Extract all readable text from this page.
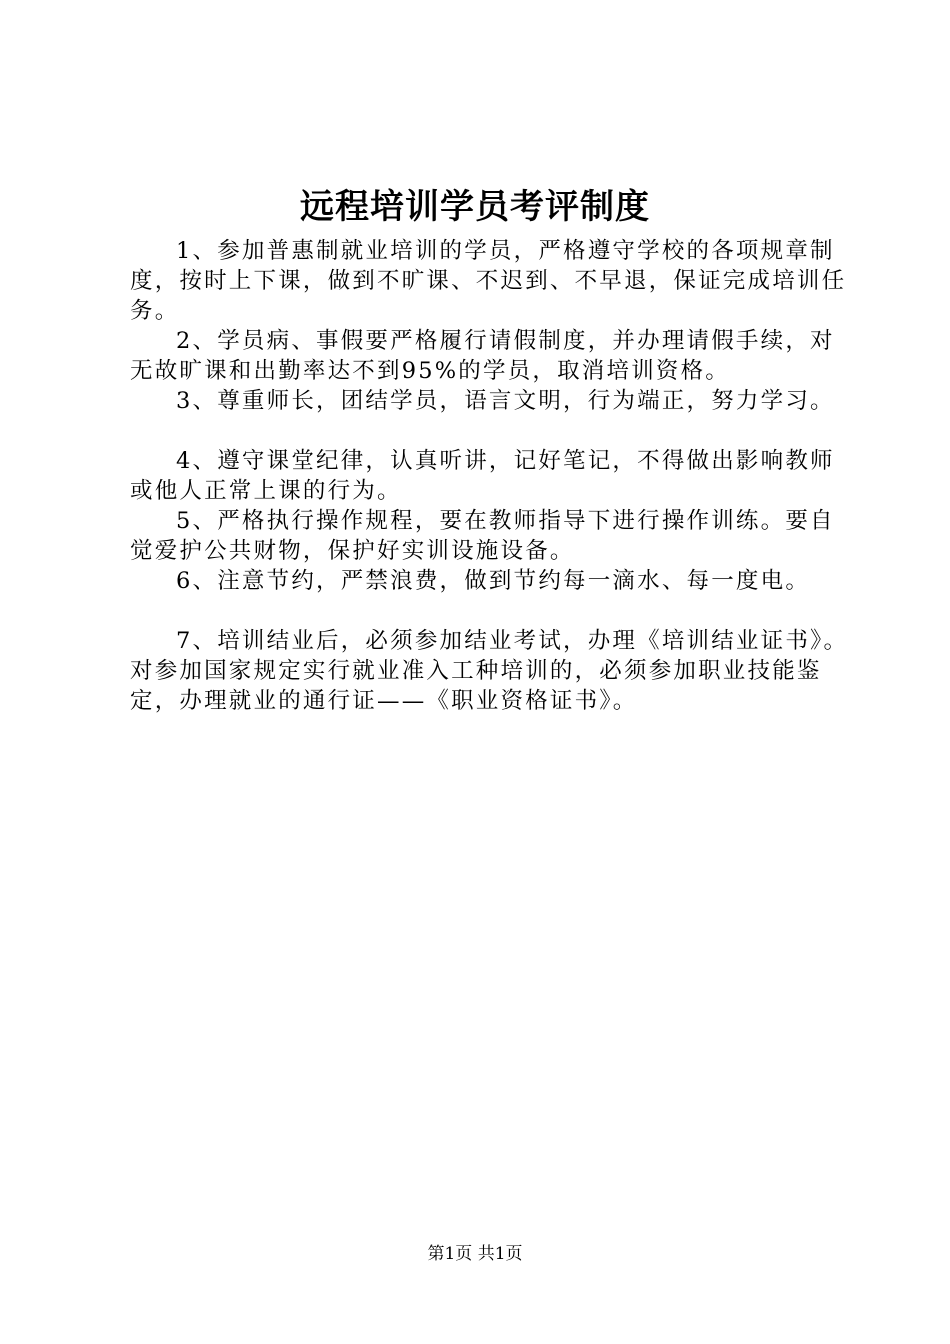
远程培训学员考评制度

1、参加普惠制就业培训的学员，严格遵守学校的各项规章制度，按时上下课，做到不旷课、不迟到、不早退，保证完成培训任务。

2、学员病、事假要严格履行请假制度，并办理请假手续，对无故旷课和出勤率达不到95%的学员，取消培训资格。

3、尊重师长，团结学员，语言文明，行为端正，努力学习。

4、遵守课堂纪律，认真听讲，记好笔记，不得做出影响教师或他人正常上课的行为。

5、严格执行操作规程，要在教师指导下进行操作训练。要自觉爱护公共财物，保护好实训设施设备。

6、注意节约，严禁浪费，做到节约每一滴水、每一度电。

7、培训结业后，必须参加结业考试，办理《培训结业证书》。对参加国家规定实行就业准入工种培训的，必须参加职业技能鉴定，办理就业的通行证——《职业资格证书》。

第1页 共1页
